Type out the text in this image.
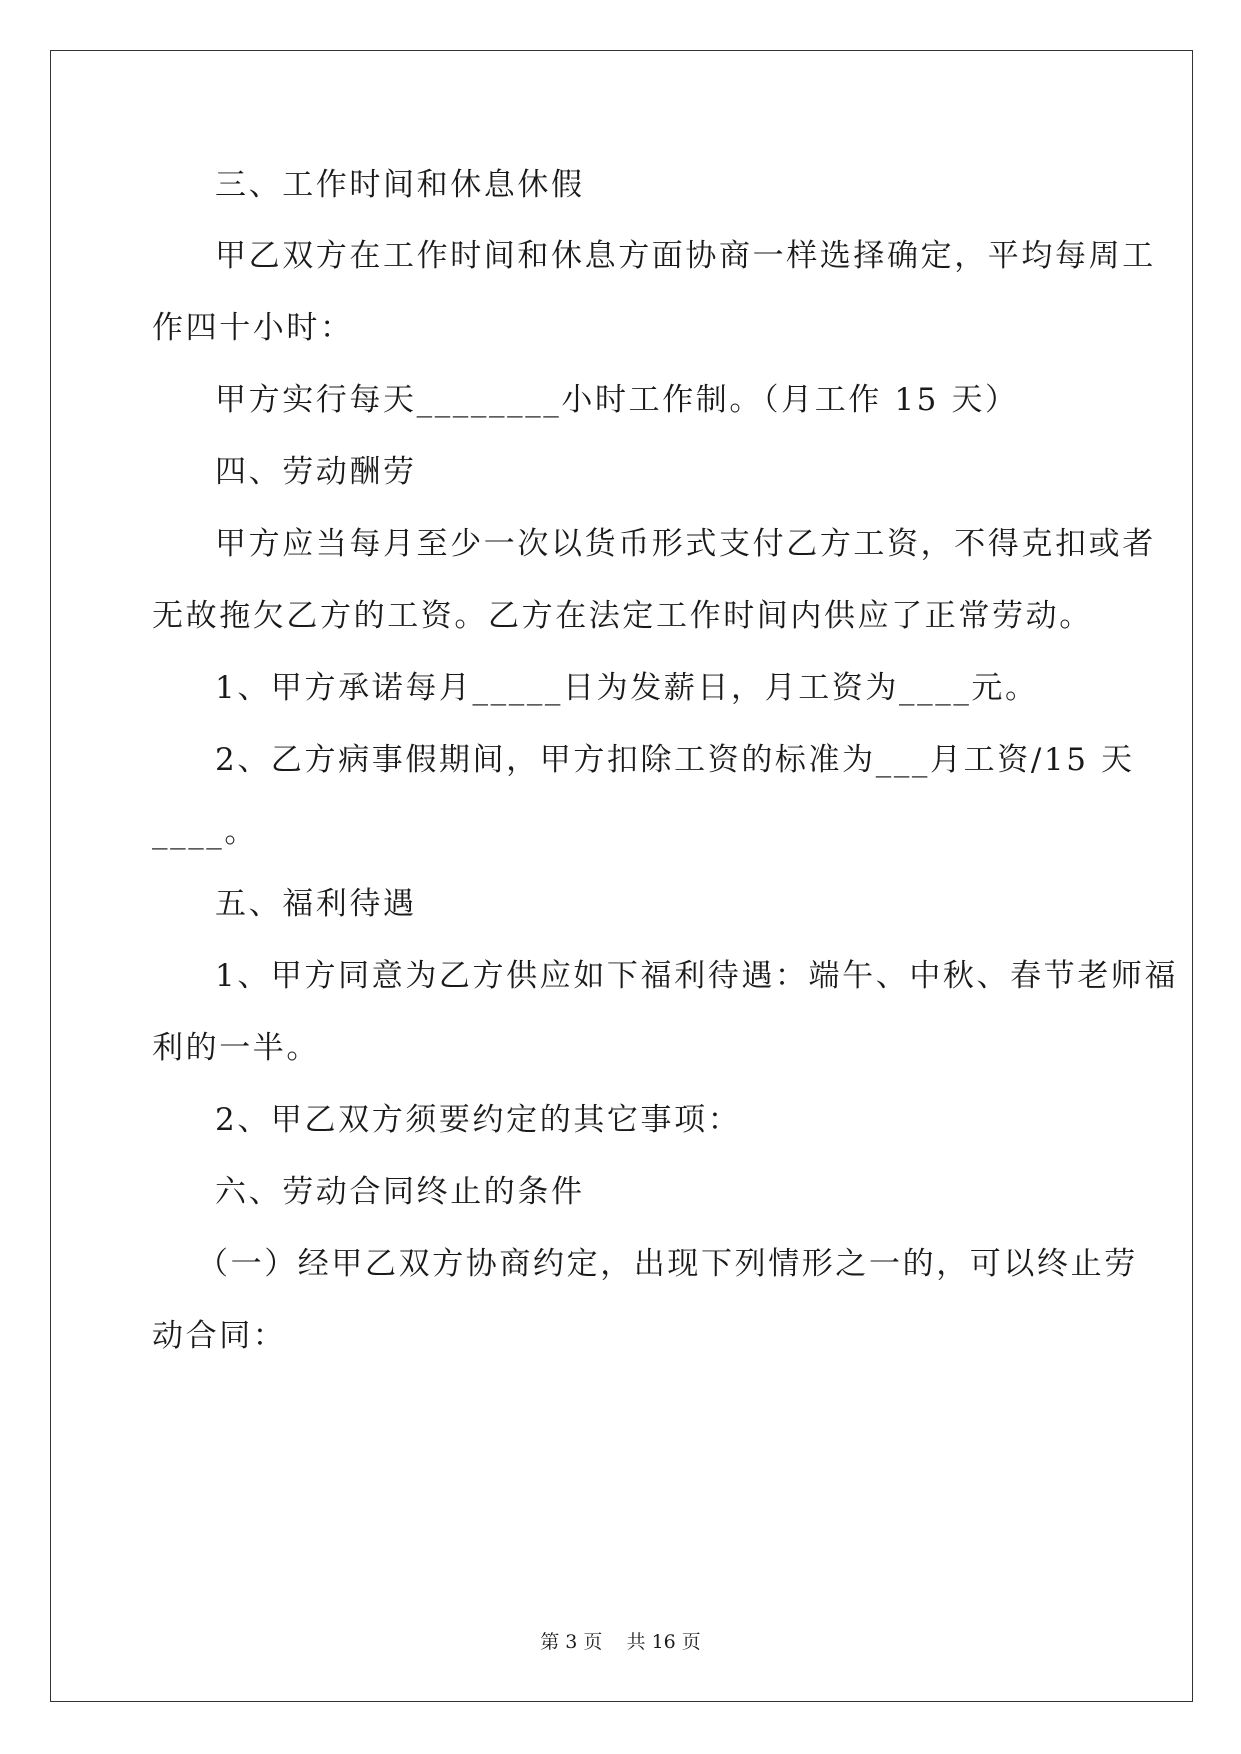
三、工作时间和休息休假
甲乙双方在工作时间和休息方面协商一样选择确定，平均每周工
作四十小时：
甲方实行每天________小时工作制。（月工作 15 天）
四、劳动酬劳
甲方应当每月至少一次以货币形式支付乙方工资，不得克扣或者
无故拖欠乙方的工资。乙方在法定工作时间内供应了正常劳动。
1、甲方承诺每月_____日为发薪日，月工资为____元。
2、乙方病事假期间，甲方扣除工资的标准为___月工资/15 天
____。
五、福利待遇
1、甲方同意为乙方供应如下福利待遇：端午、中秋、春节老师福
利的一半。
2、甲乙双方须要约定的其它事项：
六、劳动合同终止的条件
（一）经甲乙双方协商约定，出现下列情形之一的，可以终止劳
动合同：
第 3 页    共 16 页
